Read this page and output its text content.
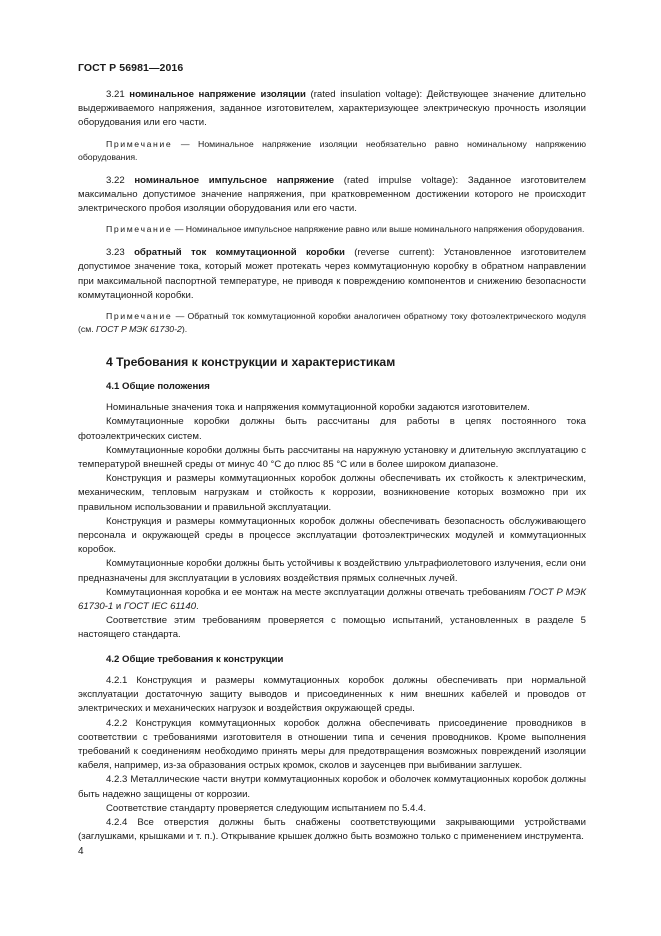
ГОСТ Р 56981—2016

3.21 номинальное напряжение изоляции (rated insulation voltage): Действующее значение длительно выдерживаемого напряжения, заданное изготовителем, характеризующее электрическую прочность изоляции оборудования или его части.

Примечание — Номинальное напряжение изоляции необязательно равно номинальному напряжению оборудования.

3.22 номинальное импульсное напряжение (rated impulse voltage): Заданное изготовителем максимально допустимое значение напряжения, при кратковременном достижении которого не происходит электрического пробоя изоляции оборудования или его части.

Примечание — Номинальное импульсное напряжение равно или выше номинального напряжения оборудования.

3.23 обратный ток коммутационной коробки (reverse current): Установленное изготовителем допустимое значение тока, который может протекать через коммутационную коробку в обратном направлении при максимальной паспортной температуре, не приводя к повреждению компонентов и снижению безопасности коммутационной коробки.

Примечание — Обратный ток коммутационной коробки аналогичен обратному току фотоэлектрического модуля (см. ГОСТ Р МЭК 61730-2).

4 Требования к конструкции и характеристикам

4.1 Общие положения

Номинальные значения тока и напряжения коммутационной коробки задаются изготовителем.

Коммутационные коробки должны быть рассчитаны для работы в цепях постоянного тока фотоэлектрических систем.

Коммутационные коробки должны быть рассчитаны на наружную установку и длительную эксплуатацию с температурой внешней среды от минус 40 °С до плюс 85 °С или в более широком диапазоне.

Конструкция и размеры коммутационных коробок должны обеспечивать их стойкость к электрическим, механическим, тепловым нагрузкам и стойкость к коррозии, возникновение которых возможно при их правильном использовании и правильной эксплуатации.

Конструкция и размеры коммутационных коробок должны обеспечивать безопасность обслуживающего персонала и окружающей среды в процессе эксплуатации фотоэлектрических модулей и коммутационных коробок.

Коммутационные коробки должны быть устойчивы к воздействию ультрафиолетового излучения, если они предназначены для эксплуатации в условиях воздействия прямых солнечных лучей.

Коммутационная коробка и ее монтаж на месте эксплуатации должны отвечать требованиям ГОСТ Р МЭК 61730-1 и ГОСТ IEC 61140.

Соответствие этим требованиям проверяется с помощью испытаний, установленных в разделе 5 настоящего стандарта.

4.2 Общие требования к конструкции

4.2.1 Конструкция и размеры коммутационных коробок должны обеспечивать при нормальной эксплуатации достаточную защиту выводов и присоединенных к ним внешних кабелей и проводов от электрических и механических нагрузок и воздействия окружающей среды.

4.2.2 Конструкция коммутационных коробок должна обеспечивать присоединение проводников в соответствии с требованиями изготовителя в отношении типа и сечения проводников. Кроме выполнения требований к соединениям необходимо принять меры для предотвращения возможных повреждений изоляции кабеля, например, из-за образования острых кромок, сколов и заусенцев при выбивании заглушек.

4.2.3 Металлические части внутри коммутационных коробок и оболочек коммутационных коробок должны быть надежно защищены от коррозии.

Соответствие стандарту проверяется следующим испытанием по 5.4.4.

4.2.4 Все отверстия должны быть снабжены соответствующими закрывающими устройствами (заглушками, крышками и т. п.). Открывание крышек должно быть возможно только с применением инструмента.

4
